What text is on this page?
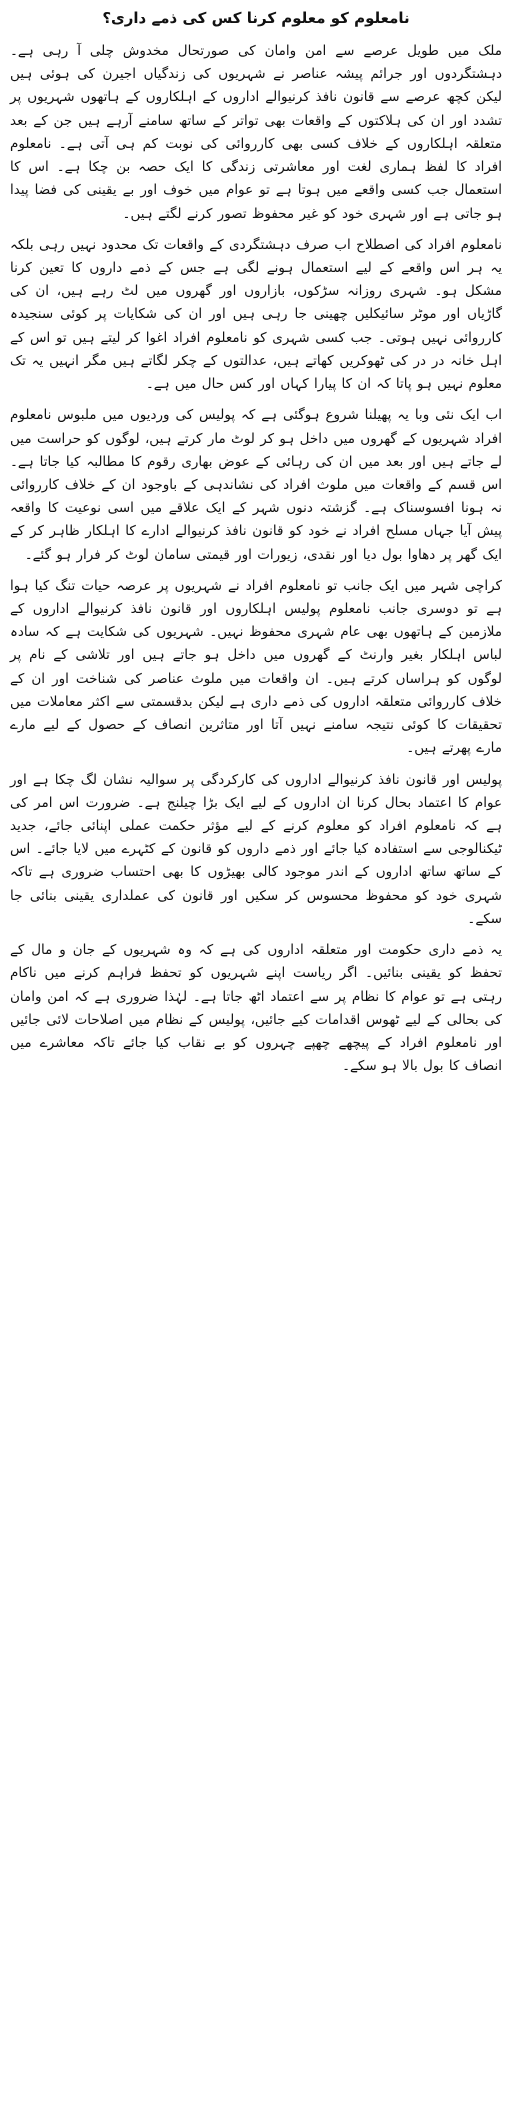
نامعلوم کو معلوم کرنا کس کی ذمے داری؟

ملک میں طویل عرصے سے امن وامان کی صورتحال مخدوش چلی آ رہی ہے۔ دہشتگردوں اور جرائم پیشہ عناصر نے شہریوں کی زندگیاں اجیرن کی ہوئی ہیں لیکن کچھ عرصے سے قانون نافذ کرنیوالے اداروں کے اہلکاروں کے ہاتھوں شہریوں پر تشدد اور ان کی ہلاکتوں کے واقعات بھی تواتر کے ساتھ سامنے آرہے ہیں جن کے بعد متعلقہ اہلکاروں کے خلاف کسی بھی کارروائی کی نوبت کم ہی آتی ہے۔ نامعلوم افراد کا لفظ ہماری لغت اور معاشرتی زندگی کا ایک حصہ بن چکا ہے۔ اس کا استعمال جب کسی واقعے میں ہوتا ہے تو عوام میں خوف اور بے یقینی کی فضا پیدا ہو جاتی ہے اور شہری خود کو غیر محفوظ تصور کرنے لگتے ہیں۔

نامعلوم افراد کی اصطلاح اب صرف دہشتگردی کے واقعات تک محدود نہیں رہی بلکہ یہ ہر اس واقعے کے لیے استعمال ہونے لگی ہے جس کے ذمے داروں کا تعین کرنا مشکل ہو۔ شہری روزانہ سڑکوں، بازاروں اور گھروں میں لٹ رہے ہیں، ان کی گاڑیاں اور موٹر سائیکلیں چھینی جا رہی ہیں اور ان کی شکایات پر کوئی سنجیدہ کارروائی نہیں ہوتی۔ جب کسی شہری کو نامعلوم افراد اغوا کر لیتے ہیں تو اس کے اہل خانہ در در کی ٹھوکریں کھاتے ہیں، عدالتوں کے چکر لگاتے ہیں مگر انہیں یہ تک معلوم نہیں ہو پاتا کہ ان کا پیارا کہاں اور کس حال میں ہے۔

اب ایک نئی وبا یہ پھیلنا شروع ہوگئی ہے کہ پولیس کی وردیوں میں ملبوس نامعلوم افراد شہریوں کے گھروں میں داخل ہو کر لوٹ مار کرتے ہیں، لوگوں کو حراست میں لے جاتے ہیں اور بعد میں ان کی رہائی کے عوض بھاری رقوم کا مطالبہ کیا جاتا ہے۔ اس قسم کے واقعات میں ملوث افراد کی نشاندہی کے باوجود ان کے خلاف کارروائی نہ ہونا افسوسناک ہے۔ گزشتہ دنوں شہر کے ایک علاقے میں اسی نوعیت کا واقعہ پیش آیا جہاں مسلح افراد نے خود کو قانون نافذ کرنیوالے ادارے کا اہلکار ظاہر کر کے ایک گھر پر دھاوا بول دیا اور نقدی، زیورات اور قیمتی سامان لوٹ کر فرار ہو گئے۔

کراچی شہر میں ایک جانب تو نامعلوم افراد نے شہریوں پر عرصہ حیات تنگ کیا ہوا ہے تو دوسری جانب نامعلوم پولیس اہلکاروں اور قانون نافذ کرنیوالے اداروں کے ملازمین کے ہاتھوں بھی عام شہری محفوظ نہیں۔ شہریوں کی شکایت ہے کہ سادہ لباس اہلکار بغیر وارنٹ کے گھروں میں داخل ہو جاتے ہیں اور تلاشی کے نام پر لوگوں کو ہراساں کرتے ہیں۔ ان واقعات میں ملوث عناصر کی شناخت اور ان کے خلاف کارروائی متعلقہ اداروں کی ذمے داری ہے لیکن بدقسمتی سے اکثر معاملات میں تحقیقات کا کوئی نتیجہ سامنے نہیں آتا اور متاثرین انصاف کے حصول کے لیے مارے مارے پھرتے ہیں۔

پولیس اور قانون نافذ کرنیوالے اداروں کی کارکردگی پر سوالیہ نشان لگ چکا ہے اور عوام کا اعتماد بحال کرنا ان اداروں کے لیے ایک بڑا چیلنج ہے۔ ضرورت اس امر کی ہے کہ نامعلوم افراد کو معلوم کرنے کے لیے مؤثر حکمت عملی اپنائی جائے، جدید ٹیکنالوجی سے استفادہ کیا جائے اور ذمے داروں کو قانون کے کٹہرے میں لایا جائے۔ اس کے ساتھ ساتھ اداروں کے اندر موجود کالی بھیڑوں کا بھی احتساب ضروری ہے تاکہ شہری خود کو محفوظ محسوس کر سکیں اور قانون کی عملداری یقینی بنائی جا سکے۔

یہ ذمے داری حکومت اور متعلقہ اداروں کی ہے کہ وہ شہریوں کے جان و مال کے تحفظ کو یقینی بنائیں۔ اگر ریاست اپنے شہریوں کو تحفظ فراہم کرنے میں ناکام رہتی ہے تو عوام کا نظام پر سے اعتماد اٹھ جاتا ہے۔ لہٰذا ضروری ہے کہ امن وامان کی بحالی کے لیے ٹھوس اقدامات کیے جائیں، پولیس کے نظام میں اصلاحات لائی جائیں اور نامعلوم افراد کے پیچھے چھپے چہروں کو بے نقاب کیا جائے تاکہ معاشرے میں انصاف کا بول بالا ہو سکے۔
